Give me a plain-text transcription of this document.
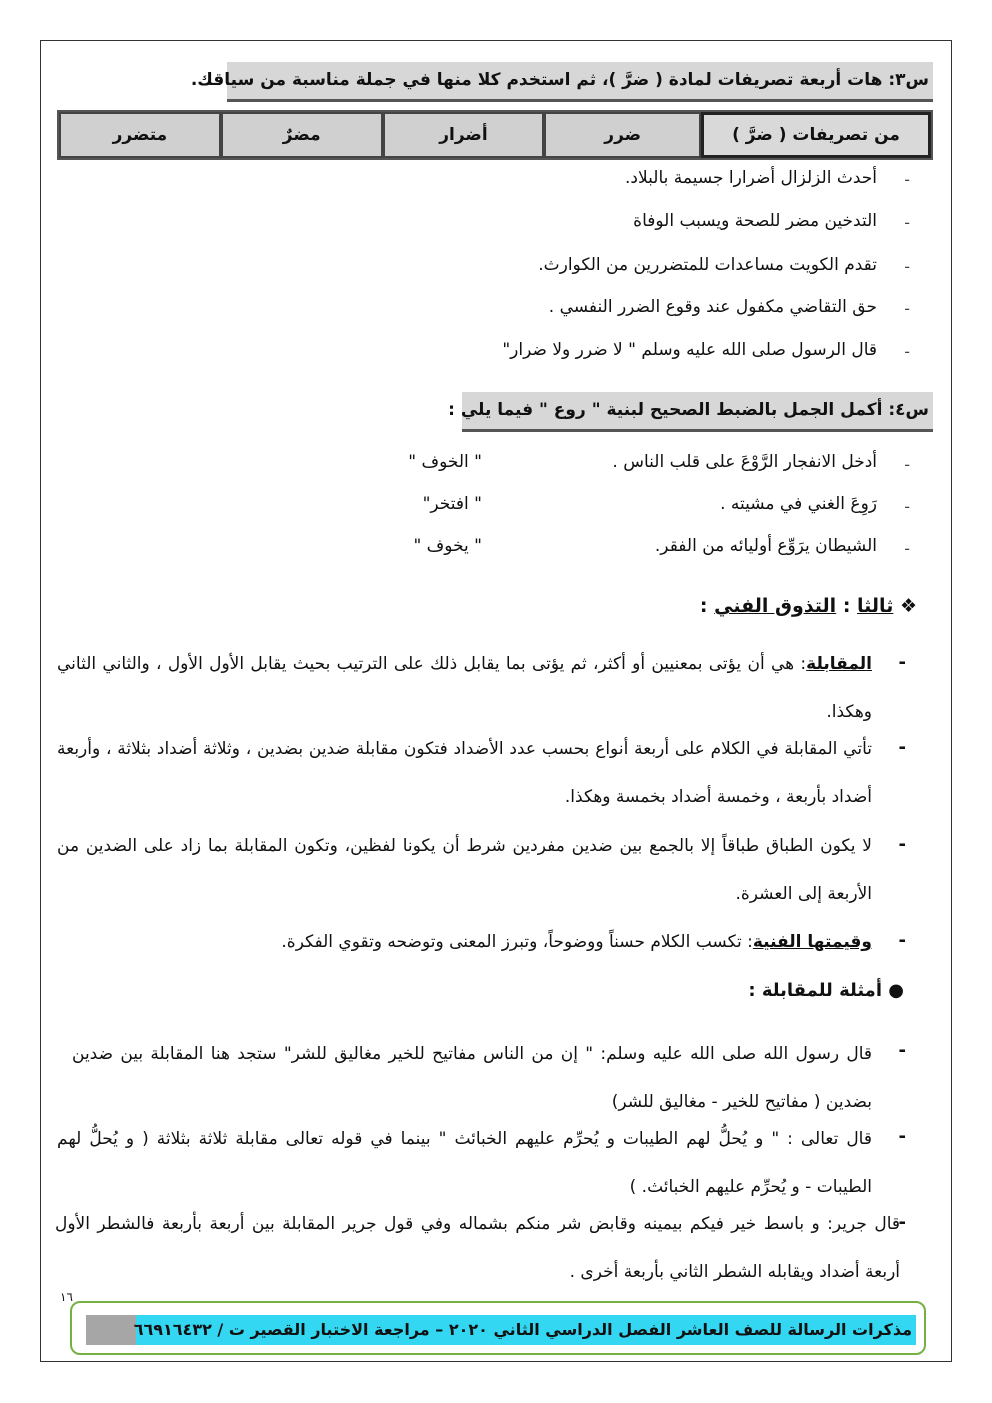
س٣: هات أربعة تصريفات لمادة ( ضرَّ )، ثم استخدم كلا منها في جملة مناسبة من سياقك.
من تصريفات ( ضرَّ )	ضرر	أضرار	مضرٌ	متضرر
-
أحدث الزلزال أضرارا جسيمة بالبلاد.
-
التدخين مضر للصحة ويسبب الوفاة
-
تقدم الكويت مساعدات للمتضررين من الكوارث.
-
حق التقاضي مكفول عند وقوع الضرر النفسي .
-
قال الرسول صلى الله عليه وسلم " لا ضرر ولا ضرار"
س٤: أكمل الجمل بالضبط الصحيح لبنية " روع " فيما يلي :
-
أدخل الانفجار الرَّوْعَ على قلب الناس .
" الخوف "
-
رَوِعَ الغني في مشيته .
" افتخر"
-
الشيطان يرَوِّع أوليائه من الفقر.
" يخوف "
❖ ثالثا : التذوق الفني :
-
المقابلة: هي أن يؤتى بمعنيين أو أكثر، ثم يؤتى بما يقابل ذلك على الترتيب بحيث يقابل الأول الأول ، والثاني الثاني وهكذا.
-
تأتي المقابلة في الكلام على أربعة أنواع بحسب عدد الأضداد فتكون مقابلة ضدين بضدين ، وثلاثة أضداد بثلاثة ، وأربعة أضداد بأربعة ، وخمسة أضداد بخمسة وهكذا.
-
لا يكون الطباق طباقاً إلا بالجمع بين ضدين مفردين شرط أن يكونا لفظين، وتكون المقابلة بما زاد على الضدين من الأربعة إلى العشرة.
-
وقيمتها الفنية: تكسب الكلام حسناً ووضوحاً، وتبرز المعنى وتوضحه وتقوي الفكرة.
● أمثلة للمقابلة :
-
قال رسول الله صلى الله عليه وسلم: " إن من الناس مفاتيح للخير مغاليق للشر" ستجد هنا المقابلة بين ضدين بضدين ( مفاتيح للخير - مغاليق للشر)
-
قال تعالى : " و يُحلُّ لهم الطيبات و يُحرِّم عليهم الخبائث " بينما في قوله تعالى مقابلة ثلاثة بثلاثة ( و يُحلُّ لهم الطيبات - و يُحرِّم عليهم الخبائث. )
-
قال جرير: و باسط خير فيكم بيمينه وقابض شر منكم بشماله وفي قول جرير المقابلة بين أربعة بأربعة فالشطر الأول أربعة أضداد ويقابله الشطر الثاني بأربعة أخرى .
١٦
مذكرات الرسالة للصف العاشر الفصل الدراسي الثاني ٢٠٢٠ – مراجعة الاختبار القصير ت / ٦٦٩١٦٤٣٢
